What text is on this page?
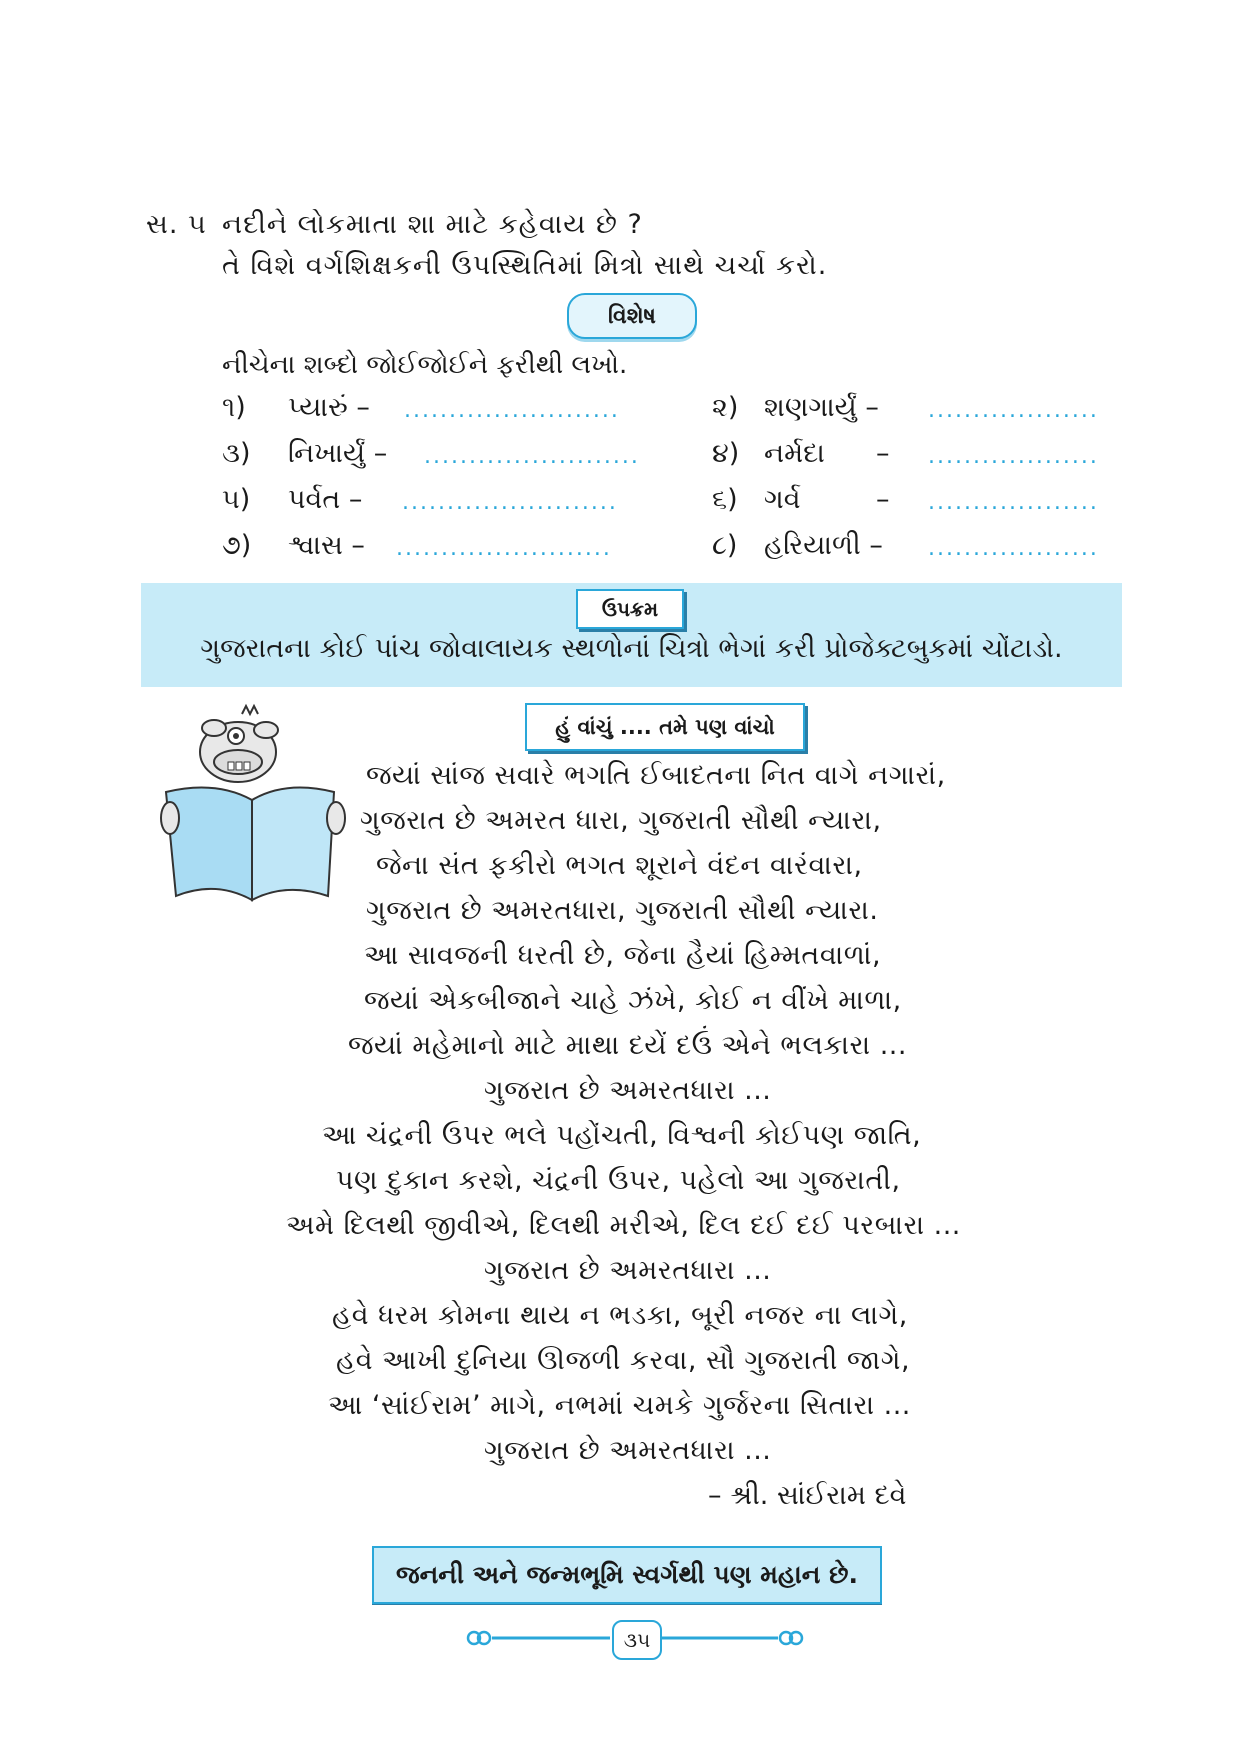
સ. ૫ નદીને લોકમાતા શા માટે કહેવાય છે ?
તે વિશે વર્ગશિક્ષકની ઉપસ્થિતિમાં મિત્રો સાથે ચર્ચા કરો.
વિશેષ
નીચેના શબ્દો જોઈજોઈને ફરીથી લખો.
૧) પ્યારું – ........................	૨) શણગાર્યું – ...................
૩) નિખાર્યું – ........................	૪) નર્મદા – ...................
૫) પર્વત – ........................	૬) ગર્વ	– ...................
૭) શ્વાસ – ........................	૮) હરિયાળી – ...................
ઉપક્રમ
ગુજરાતના કોઈ પાંચ જોવાલાયક સ્થળોનાં ચિત્રો ભેગાં કરી પ્રોજેક્ટબુકમાં ચોંટાડો.
હું વાંચું .... તમે પણ વાંચો
જયાં સાંજ સવારે ભગતિ ઈબાદતના નિત વાગે નગારાં,
ગુજરાત છે અમરત ધારા, ગુજરાતી સૌથી ન્યારા,
જેના સંત ફકીરો ભગત શૂરાને વંદન વારંવારા,
ગુજરાત છે અમરતધારા, ગુજરાતી સૌથી ન્યારા.
આ સાવજની ધરતી છે, જેના હૈયાં હિમ્મતવાળાં,
જયાં એકબીજાને ચાહે ઝંખે, કોઈ ન વીંખે માળા,
જયાં મહેમાનો માટે માથા દયેં દઉં એને ભલકારા ...
ગુજરાત છે અમરતધારા ...
આ ચંદ્રની ઉપર ભલે પહોંચતી, વિશ્વની કોઈપણ જાતિ,
પણ દુકાન કરશે, ચંદ્રની ઉપર, પહેલો આ ગુજરાતી,
અમે દિલથી જીવીએ, દિલથી મરીએ, દિલ દઈ દઈ પરબારા ...
ગુજરાત છે અમરતધારા ...
હવે ધરમ કોમના થાય ન ભડકા, બૂરી નજર ના લાગે,
હવે આખી દુનિયા ઊજળી કરવા, સૌ ગુજરાતી જાગે,
આ ‘સાંઈરામ’ માગે, નભમાં ચમકે ગુર્જરના સિતારા ...
ગુજરાત છે અમરતધારા ...
– શ્રી. સાંઈરામ દવે
જનની અને જન્મભૂમિ સ્વર્ગથી પણ મહાન છે.
૩૫
